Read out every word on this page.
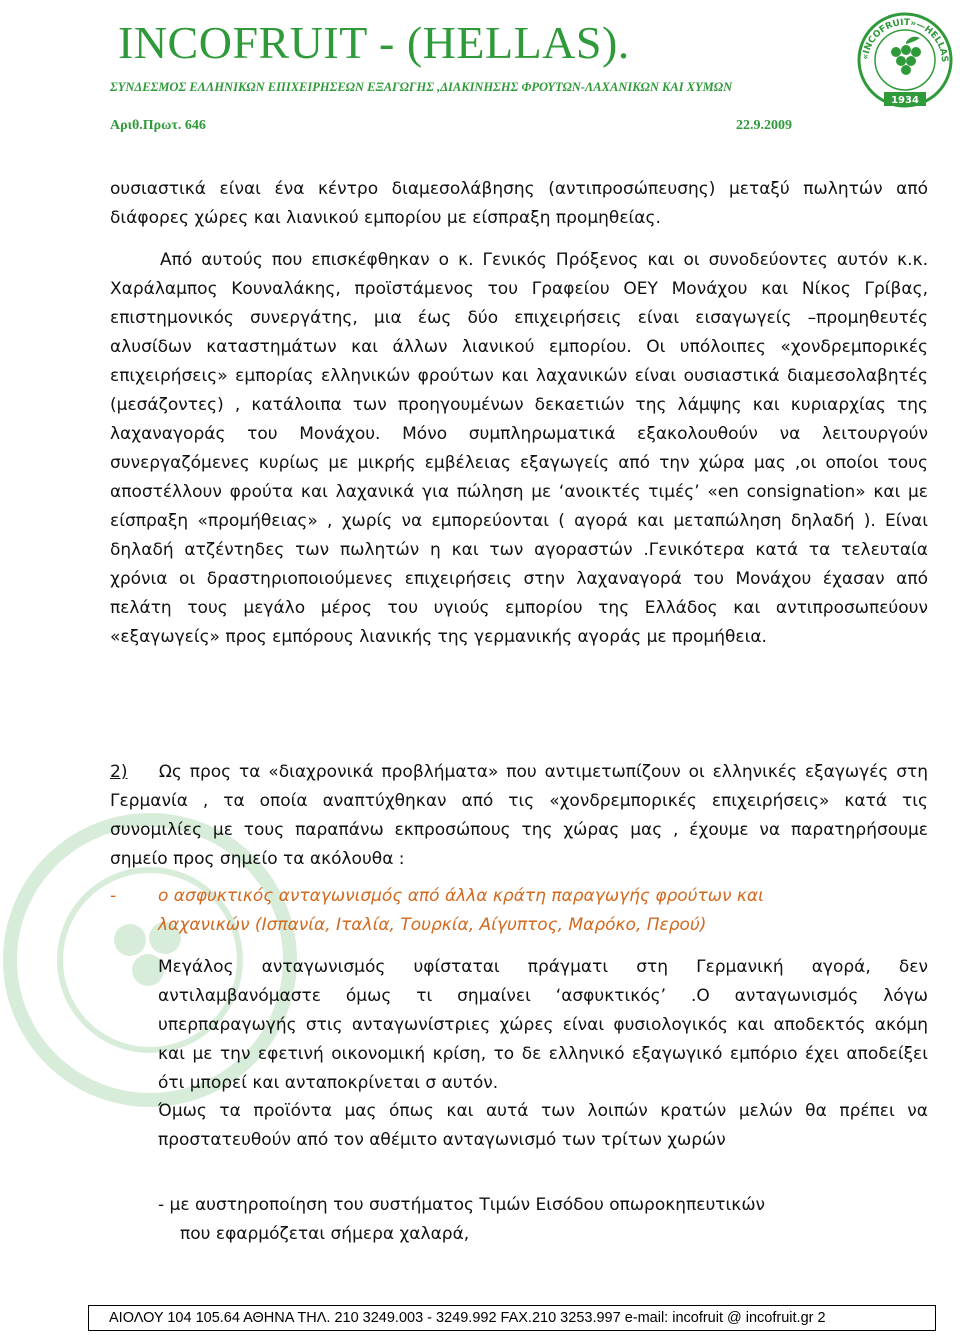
INCOFRUIT - (HELLAS).
ΣΥΝΔΕΣΜΟΣ ΕΛΛΗΝΙΚΩΝ ΕΠΙΧΕΙΡΗΣΕΩΝ ΕΞΑΓΩΓΗΣ ,ΔΙΑΚΙΝΗΣΗΣ ΦΡΟΥΤΩΝ-ΛΑΧΑΝΙΚΩΝ ΚΑΙ ΧΥΜΩΝ
Αριθ.Πρωτ. 646	22.9.2009
«INCOFRUIT»—HELLAS
1934
ουσιαστικά είναι ένα κέντρο διαμεσολάβησης (αντιπροσώπευσης) μεταξύ πωλητών από διάφορες χώρες και λιανικού εμπορίου με είσπραξη προμηθείας.
Από αυτούς που επισκέφθηκαν ο κ. Γενικός Πρόξενος και οι συνοδεύοντες αυτόν κ.κ. Χαράλαμπος Κουναλάκης, προϊστάμενος του Γραφείου ΟΕΥ Μονάχου και Νίκος Γρίβας, επιστημονικός συνεργάτης, μια έως δύο επιχειρήσεις είναι εισαγωγείς –προμηθευτές αλυσίδων καταστημάτων και άλλων λιανικού εμπορίου. Οι υπόλοιπες «χονδρεμπορικές επιχειρήσεις» εμπορίας ελληνικών φρούτων και λαχανικών είναι ουσιαστικά διαμεσολαβητές (μεσάζοντες) , κατάλοιπα των προηγουμένων δεκαετιών της λάμψης και κυριαρχίας της λαχαναγοράς του Μονάχου. Μόνο συμπληρωματικά εξακολουθούν να λειτουργούν συνεργαζόμενες κυρίως με μικρής εμβέλειας εξαγωγείς από την χώρα μας ,οι οποίοι τους αποστέλλουν φρούτα και λαχανικά για πώληση με ‘ανοικτές τιμές’ «en consignation» και με είσπραξη «προμήθειας» , χωρίς να εμπορεύονται ( αγορά και μεταπώληση δηλαδή ). Είναι δηλαδή ατζέντηδες των πωλητών η και των αγοραστών .Γενικότερα κατά τα τελευταία χρόνια οι δραστηριοποιούμενες επιχειρήσεις στην λαχαναγορά του Μονάχου έχασαν από πελάτη τους μεγάλο μέρος του υγιούς εμπορίου της Ελλάδος και αντιπροσωπεύουν «εξαγωγείς» προς εμπόρους λιανικής της γερμανικής αγοράς με προμήθεια.
2) Ως προς τα «διαχρονικά προβλήματα» που αντιμετωπίζουν οι ελληνικές εξαγωγές στη Γερμανία , τα οποία αναπτύχθηκαν από τις «χονδρεμπορικές επιχειρήσεις» κατά τις συνομιλίες με τους παραπάνω εκπροσώπους της χώρας μας , έχουμε να παρατηρήσουμε σημείο προς σημείο τα ακόλουθα :
- ο ασφυκτικός ανταγωνισμός από άλλα κράτη παραγωγής φρούτων και
λαχανικών (Ισπανία, Ιταλία, Τουρκία, Αίγυπτος, Μαρόκο, Περού)
Μεγάλος ανταγωνισμός υφίσταται πράγματι στη Γερμανική αγορά, δεν αντιλαμβανόμαστε όμως τι σημαίνει ‘ασφυκτικός’ .Ο ανταγωνισμός λόγω υπερπαραγωγής στις ανταγωνίστριες χώρες είναι φυσιολογικός και αποδεκτός ακόμη και με την εφετινή οικονομική κρίση, το δε ελληνικό εξαγωγικό εμπόριο έχει αποδείξει ότι μπορεί και ανταποκρίνεται σ αυτόν.
Όμως τα προϊόντα μας όπως και αυτά των λοιπών κρατών μελών θα πρέπει να προστατευθούν από τον αθέμιτο ανταγωνισμό των τρίτων χωρών
- με αυστηροποίηση του συστήματος Τιμών Εισόδου οπωροκηπευτικών
που εφαρμόζεται σήμερα χαλαρά,
ΑΙΟΛΟΥ 104 105.64 ΑΘΗΝΑ ΤΗΛ. 210 3249.003 - 3249.992 FAX.210 3253.997 e-mail: incofruit @ incofruit.gr 2
